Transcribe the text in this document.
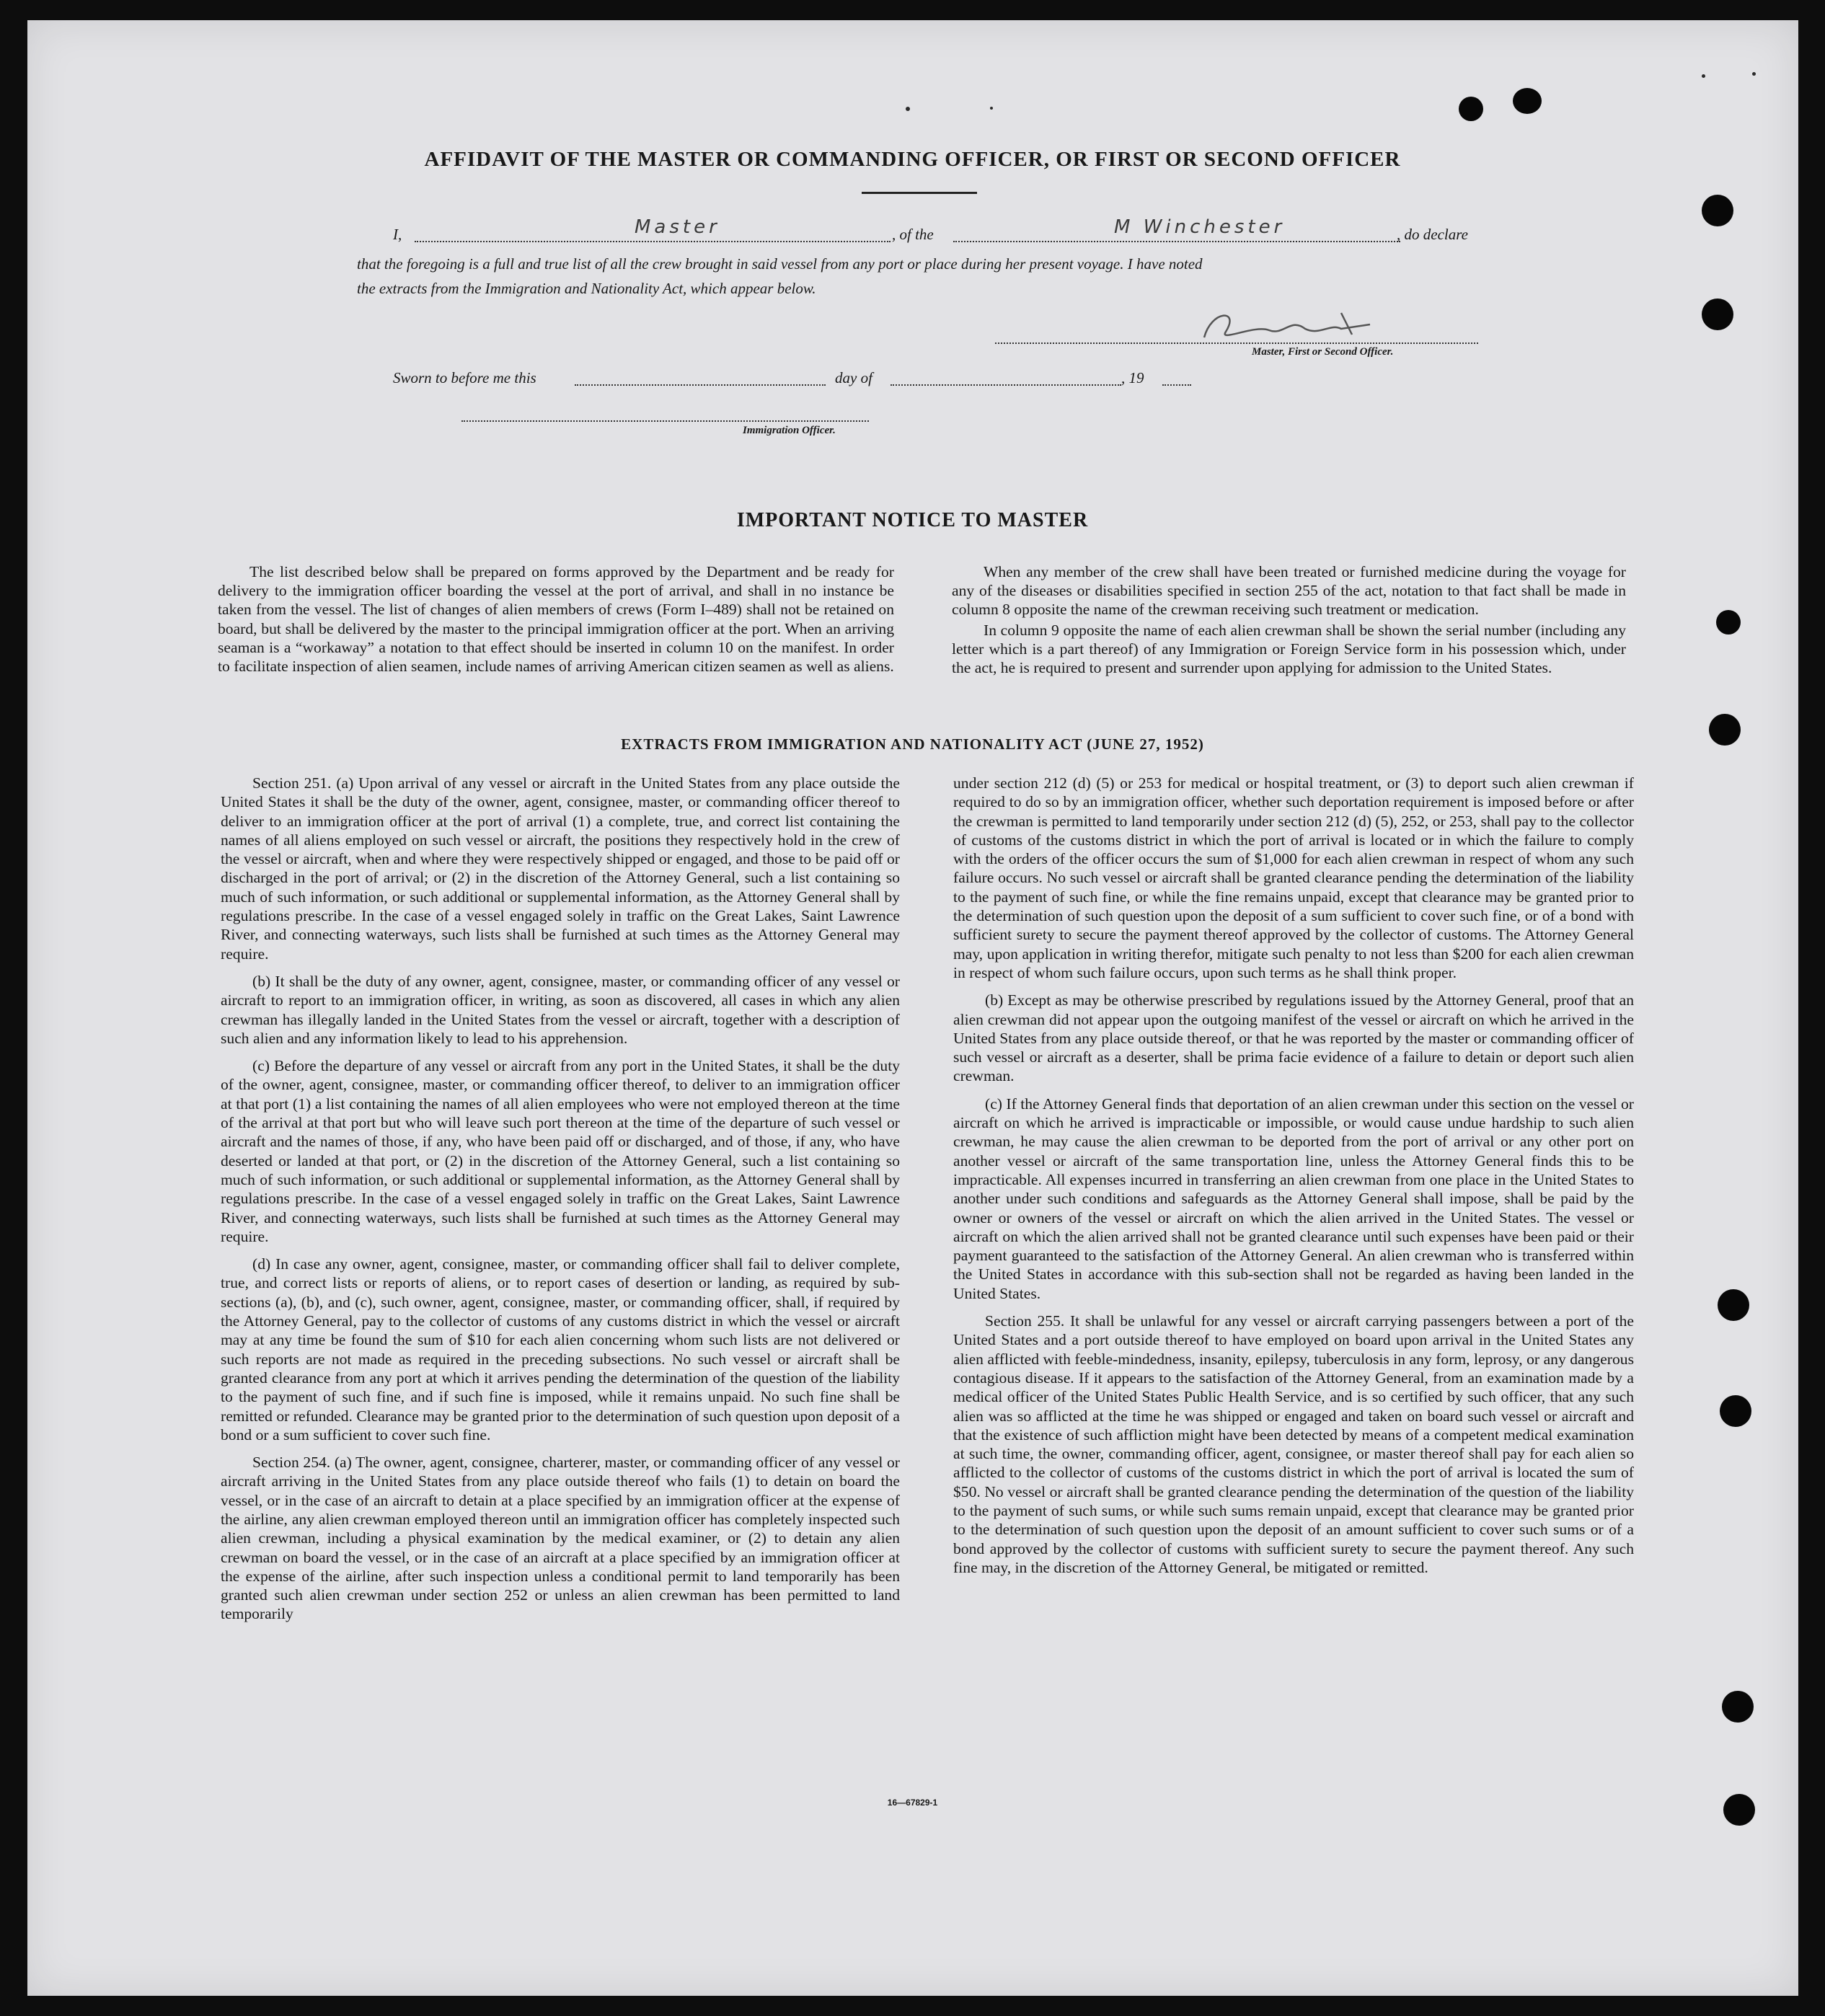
AFFIDAVIT OF THE MASTER OR COMMANDING OFFICER, OR FIRST OR SECOND OFFICER
I,	Master	, of the	M Winchester	, do declare
that the foregoing is a full and true list of all the crew brought in said vessel from any port or place during her present voyage. I have noted
the extracts from the Immigration and Nationality Act, which appear below.
Master, First or Second Officer.
Sworn to before me this	day of	, 19
Immigration Officer.
IMPORTANT NOTICE TO MASTER

The list described below shall be prepared on forms approved by the Department and be ready for delivery to the immigration officer boarding the vessel at the port of arrival, and shall in no instance be taken from the vessel. The list of changes of alien members of crews (Form I–489) shall not be retained on board, but shall be delivered by the master to the principal immigration officer at the port. When an arriving seaman is a “workaway” a notation to that effect should be inserted in column 10 on the manifest. In order to facilitate inspection of alien seamen, include names of arriving American citizen seamen as well as aliens.

When any member of the crew shall have been treated or furnished medicine during the voyage for any of the diseases or disabilities specified in section 255 of the act, notation to that fact shall be made in column 8 opposite the name of the crewman receiving such treatment or medication.

In column 9 opposite the name of each alien crewman shall be shown the serial number (including any letter which is a part thereof) of any Immigration or Foreign Service form in his possession which, under the act, he is required to present and surrender upon applying for admission to the United States.

EXTRACTS FROM IMMIGRATION AND NATIONALITY ACT (JUNE 27, 1952)

Section 251. (a) Upon arrival of any vessel or aircraft in the United States from any place outside the United States it shall be the duty of the owner, agent, consignee, master, or commanding officer thereof to deliver to an immigration officer at the port of arrival (1) a complete, true, and correct list containing the names of all aliens employed on such vessel or aircraft, the positions they respectively hold in the crew of the vessel or aircraft, when and where they were respectively shipped or engaged, and those to be paid off or discharged in the port of arrival; or (2) in the discretion of the Attorney General, such a list containing so much of such information, or such additional or supplemental information, as the Attorney General shall by regulations prescribe. In the case of a vessel engaged solely in traffic on the Great Lakes, Saint Lawrence River, and connecting waterways, such lists shall be furnished at such times as the Attorney General may require.

(b) It shall be the duty of any owner, agent, consignee, master, or commanding officer of any vessel or aircraft to report to an immigration officer, in writing, as soon as discovered, all cases in which any alien crewman has illegally landed in the United States from the vessel or aircraft, together with a description of such alien and any information likely to lead to his apprehension.

(c) Before the departure of any vessel or aircraft from any port in the United States, it shall be the duty of the owner, agent, consignee, master, or commanding officer thereof, to deliver to an immigration officer at that port (1) a list containing the names of all alien employees who were not employed thereon at the time of the arrival at that port but who will leave such port thereon at the time of the departure of such vessel or aircraft and the names of those, if any, who have been paid off or discharged, and of those, if any, who have deserted or landed at that port, or (2) in the discretion of the Attorney General, such a list containing so much of such information, or such additional or supplemental information, as the Attorney General shall by regulations prescribe. In the case of a vessel engaged solely in traffic on the Great Lakes, Saint Lawrence River, and connecting waterways, such lists shall be furnished at such times as the Attorney General may require.

(d) In case any owner, agent, consignee, master, or commanding officer shall fail to deliver complete, true, and correct lists or reports of aliens, or to report cases of desertion or landing, as required by sub-sections (a), (b), and (c), such owner, agent, consignee, master, or commanding officer, shall, if required by the Attorney General, pay to the collector of customs of any customs district in which the vessel or aircraft may at any time be found the sum of $10 for each alien concerning whom such lists are not delivered or such reports are not made as required in the preceding subsections. No such vessel or aircraft shall be granted clearance from any port at which it arrives pending the determination of the question of the liability to the payment of such fine, and if such fine is imposed, while it remains unpaid. No such fine shall be remitted or refunded. Clearance may be granted prior to the determination of such question upon deposit of a bond or a sum sufficient to cover such fine.

Section 254. (a) The owner, agent, consignee, charterer, master, or commanding officer of any vessel or aircraft arriving in the United States from any place outside thereof who fails (1) to detain on board the vessel, or in the case of an aircraft to detain at a place specified by an immigration officer at the expense of the airline, any alien crewman employed thereon until an immigration officer has completely inspected such alien crewman, including a physical examination by the medical examiner, or (2) to detain any alien crewman on board the vessel, or in the case of an aircraft at a place specified by an immigration officer at the expense of the airline, after such inspection unless a conditional permit to land temporarily has been granted such alien crewman under section 252 or unless an alien crewman has been permitted to land temporarily

under section 212 (d) (5) or 253 for medical or hospital treatment, or (3) to deport such alien crewman if required to do so by an immigration officer, whether such deportation requirement is imposed before or after the crewman is permitted to land temporarily under section 212 (d) (5), 252, or 253, shall pay to the collector of customs of the customs district in which the port of arrival is located or in which the failure to comply with the orders of the officer occurs the sum of $1,000 for each alien crewman in respect of whom any such failure occurs. No such vessel or aircraft shall be granted clearance pending the determination of the liability to the payment of such fine, or while the fine remains unpaid, except that clearance may be granted prior to the determination of such question upon the deposit of a sum sufficient to cover such fine, or of a bond with sufficient surety to secure the payment thereof approved by the collector of customs. The Attorney General may, upon application in writing therefor, mitigate such penalty to not less than $200 for each alien crewman in respect of whom such failure occurs, upon such terms as he shall think proper.

(b) Except as may be otherwise prescribed by regulations issued by the Attorney General, proof that an alien crewman did not appear upon the outgoing manifest of the vessel or aircraft on which he arrived in the United States from any place outside thereof, or that he was reported by the master or commanding officer of such vessel or aircraft as a deserter, shall be prima facie evidence of a failure to detain or deport such alien crewman.

(c) If the Attorney General finds that deportation of an alien crewman under this section on the vessel or aircraft on which he arrived is impracticable or impossible, or would cause undue hardship to such alien crewman, he may cause the alien crewman to be deported from the port of arrival or any other port on another vessel or aircraft of the same transportation line, unless the Attorney General finds this to be impracticable. All expenses incurred in transferring an alien crewman from one place in the United States to another under such conditions and safeguards as the Attorney General shall impose, shall be paid by the owner or owners of the vessel or aircraft on which the alien arrived in the United States. The vessel or aircraft on which the alien arrived shall not be granted clearance until such expenses have been paid or their payment guaranteed to the satisfaction of the Attorney General. An alien crewman who is transferred within the United States in accordance with this sub-section shall not be regarded as having been landed in the United States.

Section 255. It shall be unlawful for any vessel or aircraft carrying passengers between a port of the United States and a port outside thereof to have employed on board upon arrival in the United States any alien afflicted with feeble-mindedness, insanity, epilepsy, tuberculosis in any form, leprosy, or any dangerous contagious disease. If it appears to the satisfaction of the Attorney General, from an examination made by a medical officer of the United States Public Health Service, and is so certified by such officer, that any such alien was so afflicted at the time he was shipped or engaged and taken on board such vessel or aircraft and that the existence of such affliction might have been detected by means of a competent medical examination at such time, the owner, commanding officer, agent, consignee, or master thereof shall pay for each alien so afflicted to the collector of customs of the customs district in which the port of arrival is located the sum of $50. No vessel or aircraft shall be granted clearance pending the determination of the question of the liability to the payment of such sums, or while such sums remain unpaid, except that clearance may be granted prior to the determination of such question upon the deposit of an amount sufficient to cover such sums or of a bond approved by the collector of customs with sufficient surety to secure the payment thereof. Any such fine may, in the discretion of the Attorney General, be mitigated or remitted.

16—67829-1
